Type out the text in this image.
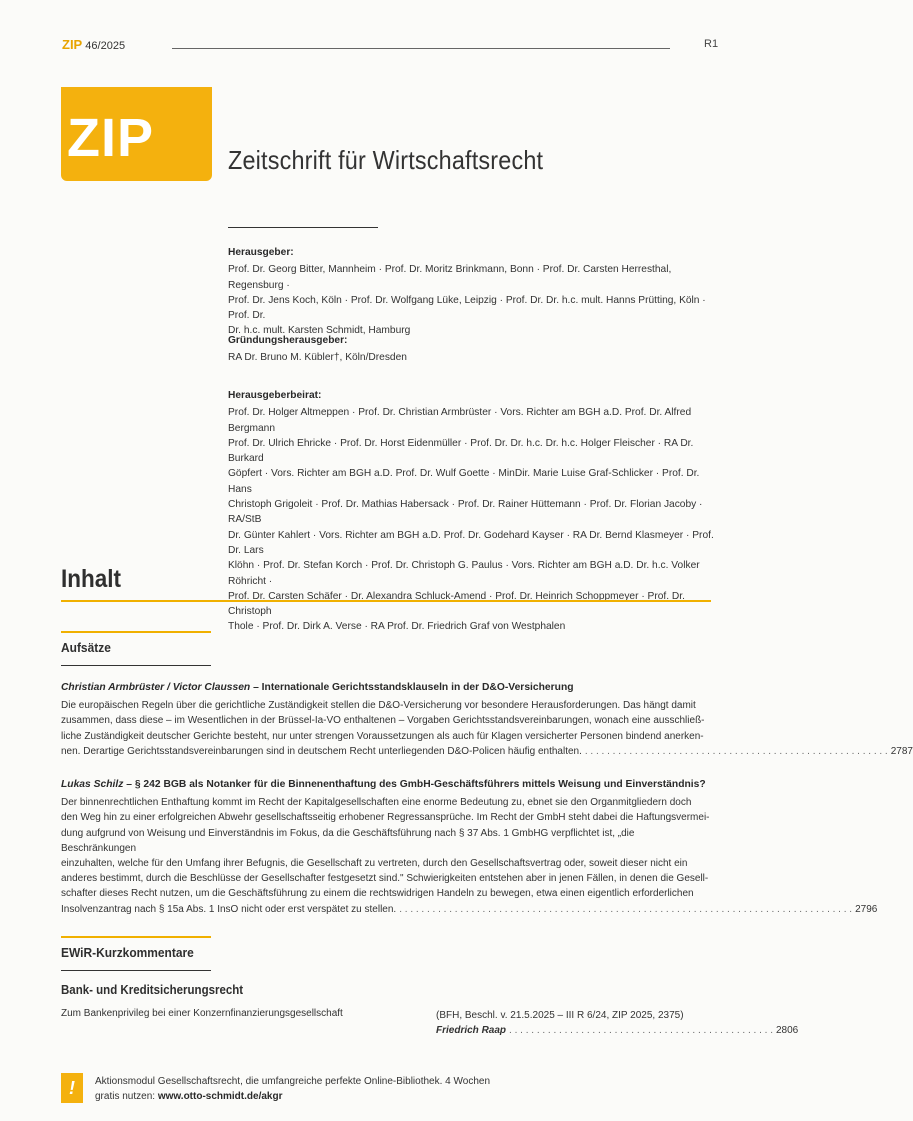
ZIP 46/2025	R1
ZIP	Zeitschrift für Wirtschaftsrecht
Herausgeber:
Prof. Dr. Georg Bitter, Mannheim · Prof. Dr. Moritz Brinkmann, Bonn · Prof. Dr. Carsten Herresthal, Regensburg ·
Prof. Dr. Jens Koch, Köln · Prof. Dr. Wolfgang Lüke, Leipzig · Prof. Dr. Dr. h.c. mult. Hanns Prütting, Köln · Prof. Dr.
Dr. h.c. mult. Karsten Schmidt, Hamburg
Gründungsherausgeber:
RA Dr. Bruno M. Kübler†, Köln/Dresden
Herausgeberbeirat:
Prof. Dr. Holger Altmeppen · Prof. Dr. Christian Armbrüster · Vors. Richter am BGH a.D. Prof. Dr. Alfred Bergmann
Prof. Dr. Ulrich Ehricke · Prof. Dr. Horst Eidenmüller · Prof. Dr. Dr. h.c. Dr. h.c. Holger Fleischer · RA Dr. Burkard
Göpfert · Vors. Richter am BGH a.D. Prof. Dr. Wulf Goette · MinDir. Marie Luise Graf-Schlicker · Prof. Dr. Hans
Christoph Grigoleit · Prof. Dr. Mathias Habersack · Prof. Dr. Rainer Hüttemann · Prof. Dr. Florian Jacoby · RA/StB
Dr. Günter Kahlert · Vors. Richter am BGH a.D. Prof. Dr. Godehard Kayser · RA Dr. Bernd Klasmeyer · Prof. Dr. Lars
Klöhn · Prof. Dr. Stefan Korch · Prof. Dr. Christoph G. Paulus · Vors. Richter am BGH a.D. Dr. h.c. Volker Röhricht ·
Prof. Dr. Carsten Schäfer · Dr. Alexandra Schluck-Amend · Prof. Dr. Heinrich Schoppmeyer · Prof. Dr. Christoph
Thole · Prof. Dr. Dirk A. Verse · RA Prof. Dr. Friedrich Graf von Westphalen
Inhalt
Aufsätze
Christian Armbrüster / Victor Claussen – Internationale Gerichtsstandsklauseln in der D&O-Versicherung
Die europäischen Regeln über die gerichtliche Zuständigkeit stellen die D&O-Versicherung vor besondere Herausforderungen. Das hängt damit
zusammen, dass diese – im Wesentlichen in der Brüssel-Ia-VO enthaltenen – Vorgaben Gerichtsstandsvereinbarungen, wonach eine ausschließ-
liche Zuständigkeit deutscher Gerichte besteht, nur unter strengen Voraussetzungen als auch für Klagen versicherter Personen bindend anerken-
nen. Derartige Gerichtsstandsvereinbarungen sind in deutschem Recht unterliegenden D&O-Policen häufig enthalten. . . . . . . . . . . . . . . . . . . . . . . . . . . . . . . . . . . . . . . . . . . . . . . . . . . . . . . . 2787
Lukas Schilz – § 242 BGB als Notanker für die Binnenenthaftung des GmbH-Geschäftsführers mittels Weisung und Einverständnis?
Der binnenrechtlichen Enthaftung kommt im Recht der Kapitalgesellschaften eine enorme Bedeutung zu, ebnet sie den Organmitgliedern doch
den Weg hin zu einer erfolgreichen Abwehr gesellschaftsseitig erhobener Regressansprüche. Im Recht der GmbH steht dabei die Haftungsvermei-
dung aufgrund von Weisung und Einverständnis im Fokus, da die Geschäftsführung nach § 37 Abs. 1 GmbHG verpflichtet ist, „die Beschränkungen
einzuhalten, welche für den Umfang ihrer Befugnis, die Gesellschaft zu vertreten, durch den Gesellschaftsvertrag oder, soweit dieser nicht ein
anderes bestimmt, durch die Beschlüsse der Gesellschafter festgesetzt sind." Schwierigkeiten entstehen aber in jenen Fällen, in denen die Gesell-
schafter dieses Recht nutzen, um die Geschäftsführung zu einem die rechtswidrigen Handeln zu bewegen, etwa einen eigentlich erforderlichen
Insolvenzantrag nach § 15a Abs. 1 InsO nicht oder erst verspätet zu stellen. . . . . . . . . . . . . . . . . . . . . . . . . . . . . . . . . . . . . . . . . . . . . . . . . . . . . . . . . . . . . . . . . . . . . . . . . . . . . . . . . . . 2796
EWiR-Kurzkommentare
Bank- und Kreditsicherungsrecht
Zum Bankenprivileg bei einer Konzernfinanzierungsgesellschaft	(BFH, Beschl. v. 21.5.2025 – III R 6/24, ZIP 2025, 2375)
Friedrich Raap . . . . . . . . . . . . . . . . . . . . . . . . . . . . . . . . . . . . . . . . . . . . . . . . 2806
!	Aktionsmodul Gesellschaftsrecht, die umfangreiche perfekte Online-Bibliothek. 4 Wochen
gratis nutzen: www.otto-schmidt.de/akgr
